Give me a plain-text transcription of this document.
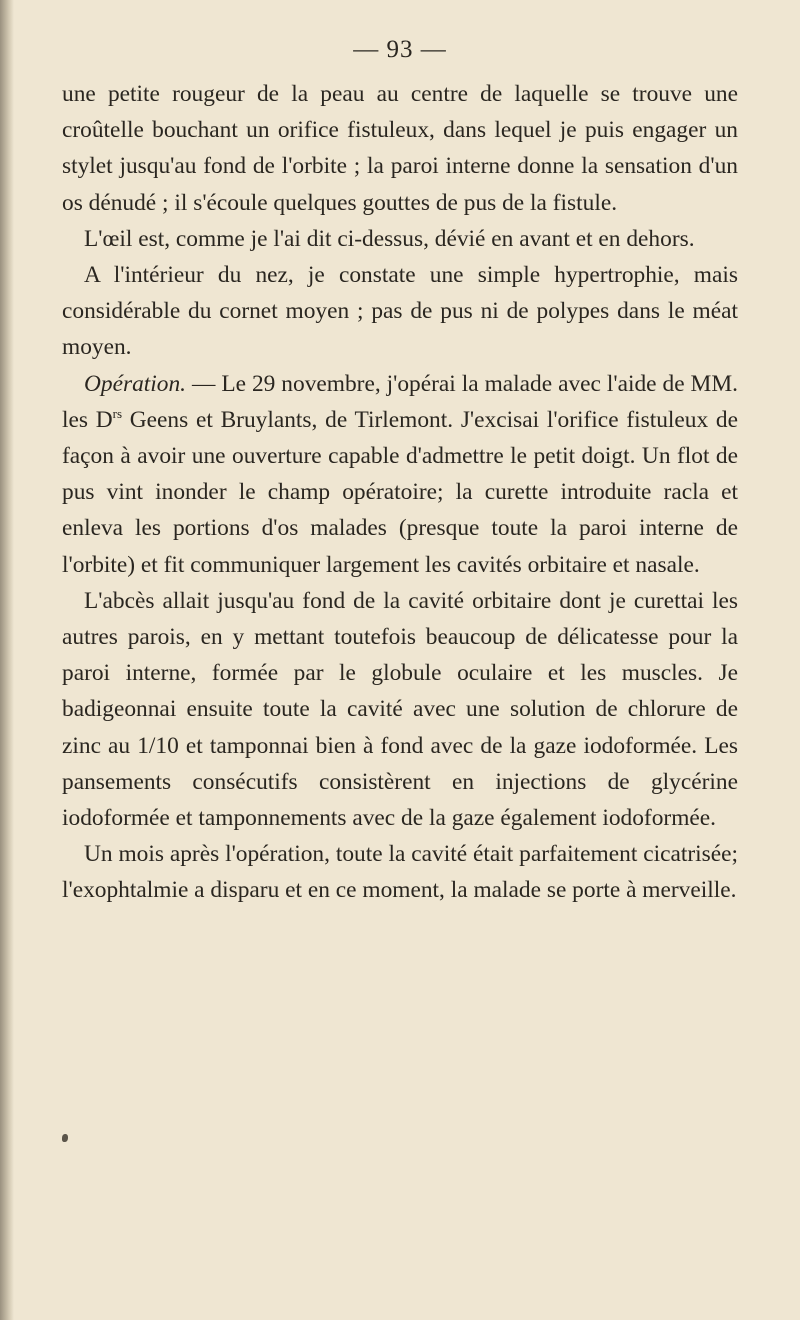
— 93 —

une petite rougeur de la peau au centre de laquelle se trouve une croûtelle bouchant un orifice fistuleux, dans lequel je puis engager un stylet jusqu'au fond de l'orbite ; la paroi interne donne la sensation d'un os dénudé ; il s'écoule quelques gouttes de pus de la fistule.

L'œil est, comme je l'ai dit ci-dessus, dévié en avant et en dehors.

A l'intérieur du nez, je constate une simple hypertrophie, mais considérable du cornet moyen ; pas de pus ni de polypes dans le méat moyen.

Opération. — Le 29 novembre, j'opérai la malade avec l'aide de MM. les $D^{rs}$ Geens et Bruylants, de Tirlemont. J'excisai l'orifice fistuleux de façon à avoir une ouverture capable d'admettre le petit doigt. Un flot de pus vint inonder le champ opératoire; la curette introduite racla et enleva les portions d'os malades (presque toute la paroi interne de l'orbite) et fit communiquer largement les cavités orbitaire et nasale.

L'abcès allait jusqu'au fond de la cavité orbitaire dont je curettai les autres parois, en y mettant toutefois beaucoup de délicatesse pour la paroi interne, formée par le globule oculaire et les muscles. Je badigeonnai ensuite toute la cavité avec une solution de chlorure de zinc au 1/10 et tamponnai bien à fond avec de la gaze iodoformée. Les pansements consécutifs consistèrent en injections de glycérine iodoformée et tamponnements avec de la gaze également iodoformée.

Un mois après l'opération, toute la cavité était parfaitement cicatrisée; l'exophtalmie a disparu et en ce moment, la malade se porte à merveille.
